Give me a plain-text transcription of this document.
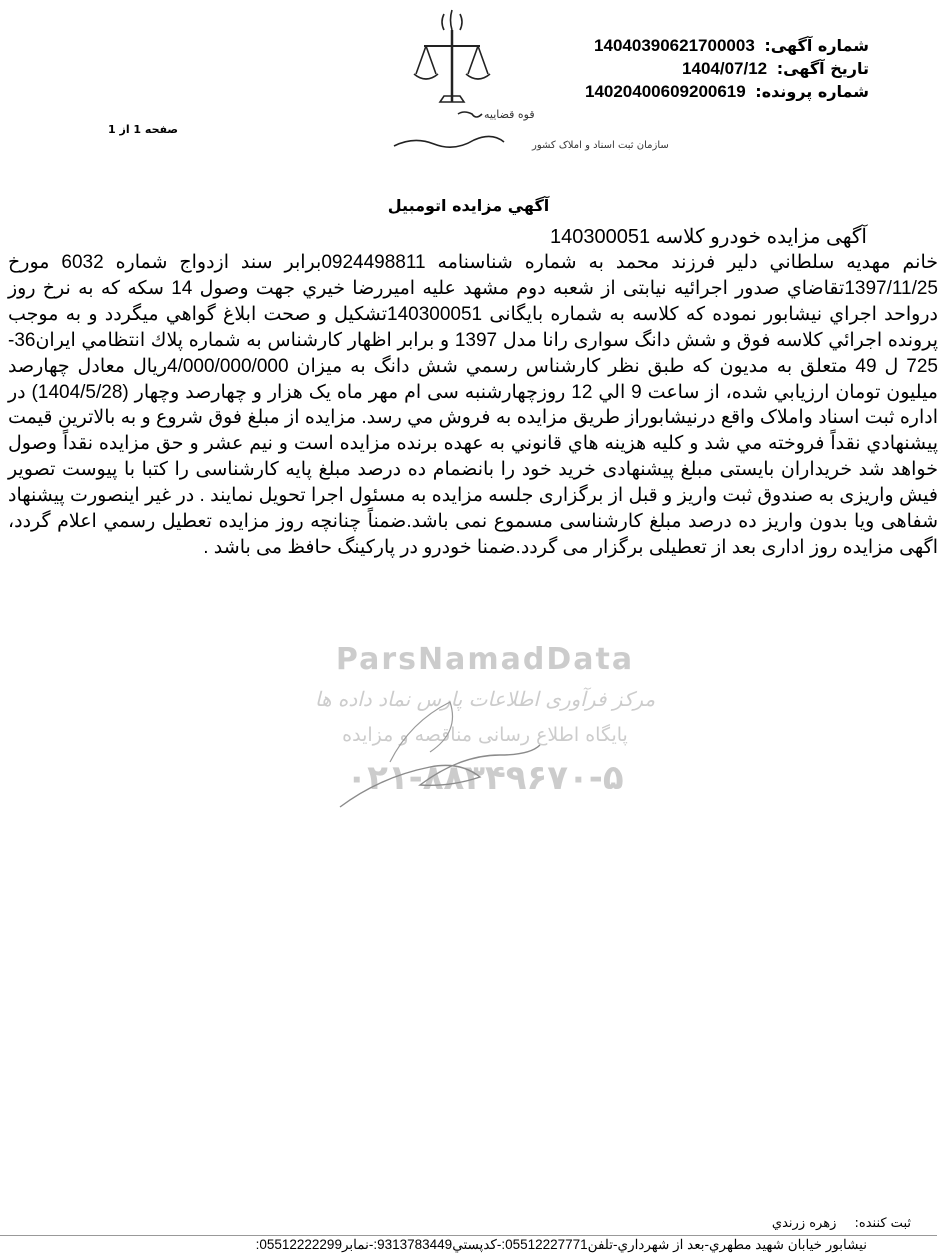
شماره آگهی: 14040390621700003
تاریخ آگهی: 1404/07/12
شماره پرونده: 14020400609200619
صفحه 1 از 1
قوه قضاییه
سازمان ثبت اسناد و املاک کشور
آگهي مزايده اتومبيل
آگهی مزایده خودرو کلاسه 140300051
خانم مهديه سلطاني دلير فرزند محمد به شماره شناسنامه 0924498811برابر سند ازدواج شماره 6032 مورخ 1397/11/25تقاضاي صدور اجرائيه نيابتى از شعبه دوم مشهد عليه اميررضا خيري جهت وصول 14 سكه كه به نرخ روز درواحد اجراي نيشابور نموده كه كلاسه به شماره بايگانى 140300051تشكيل و صحت ابلاغ گواهي ميگردد و به موجب پرونده اجرائي كلاسه فوق و شش دانگ سواری رانا مدل 1397 و برابر اظهار كارشناس به شماره پلاك انتظامي ايران36- 725 ل 49 متعلق به مديون كه طبق نظر كارشناس رسمي شش دانگ به ميزان 4/000/000/000ريال معادل چهارصد ميليون تومان ارزيابي شده، از ساعت 9 الي 12 روزچهارشنبه سى ام مهر ماه يک هزار و چهارصد وچهار (1404/5/28) در اداره ثبت اسناد واملاک واقع درنيشابوراز طريق مزايده به فروش مي رسد. مزايده از مبلغ فوق شروع و به بالاترين قيمت پيشنهادي نقداً فروخته مي شد و كليه هزينه هاي قانوني به عهده برنده مزايده است و نيم عشر و حق مزايده نقداً وصول خواهد شد خريداران بايستی مبلغ پيشنهادی خريد خود را بانضمام ده درصد مبلغ پايه كارشناسی را كتبا با پيوست تصوير فيش واريزی به صندوق ثبت واريز و قبل از برگزاری جلسه مزايده به مسئول اجرا تحويل نمايند . در غير اينصورت پيشنهاد شفاهی ويا بدون واريز ده درصد مبلغ كارشناسی مسموع نمی باشد.ضمناً چنانچه روز مزايده تعطيل رسمي اعلام گردد، اگهی مزايده روز اداری بعد از تعطيلی برگزار می گردد.ضمنا خودرو در پاركينگ حافظ می باشد .
ParsNamadData
مرکز فرآوری اطلاعات پارس نماد داده ها
پایگاه اطلاع رسانی مناقصه و مزایده
۰۲۱-۸۸۳۴۹۶۷۰-۵
ثبت کننده: زهره زرندي
نيشابور خيابان شهيد مطهري-بعد از شهرداري-تلفن05512227771:-كدپستي9313783449:-نمابر05512222299:
